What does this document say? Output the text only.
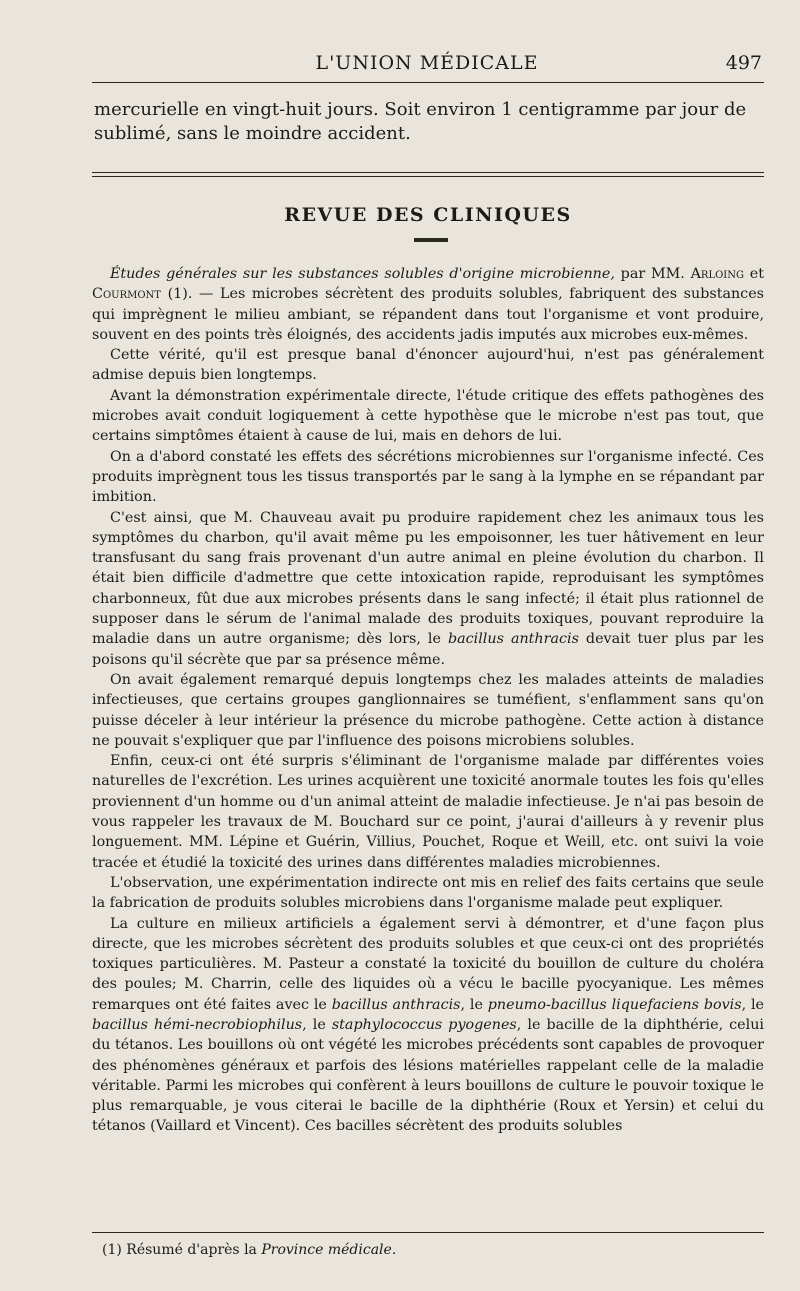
L'UNION MÉDICALE	497
mercurielle en vingt-huit jours. Soit environ 1 centigramme par jour de sublimé, sans le moindre accident.
REVUE DES CLINIQUES

Études générales sur les substances solubles d'origine microbienne, par MM. Arloing et Courmont (1). — Les microbes sécrètent des produits solubles, fabriquent des substances qui imprègnent le milieu ambiant, se répandent dans tout l'organisme et vont produire, souvent en des points très éloignés, des accidents jadis imputés aux microbes eux-mêmes.

Cette vérité, qu'il est presque banal d'énoncer aujourd'hui, n'est pas généralement admise depuis bien longtemps.

Avant la démonstration expérimentale directe, l'étude critique des effets pathogènes des microbes avait conduit logiquement à cette hypothèse que le microbe n'est pas tout, que certains simptômes étaient à cause de lui, mais en dehors de lui.

On a d'abord constaté les effets des sécrétions microbiennes sur l'organisme infecté. Ces produits imprègnent tous les tissus transportés par le sang à la lymphe en se répandant par imbition.

C'est ainsi, que M. Chauveau avait pu produire rapidement chez les animaux tous les symptômes du charbon, qu'il avait même pu les empoisonner, les tuer hâtivement en leur transfusant du sang frais provenant d'un autre animal en pleine évolution du charbon. Il était bien difficile d'admettre que cette intoxication rapide, reproduisant les symptômes charbonneux, fût due aux microbes présents dans le sang infecté; il était plus rationnel de supposer dans le sérum de l'animal malade des produits toxiques, pouvant reproduire la maladie dans un autre organisme; dès lors, le bacillus anthracis devait tuer plus par les poisons qu'il sécrète que par sa présence même.

On avait également remarqué depuis longtemps chez les malades atteints de maladies infectieuses, que certains groupes ganglionnaires se tuméfient, s'enflamment sans qu'on puisse déceler à leur intérieur la présence du microbe pathogène. Cette action à distance ne pouvait s'expliquer que par l'influence des poisons microbiens solubles.

Enfin, ceux-ci ont été surpris s'éliminant de l'organisme malade par différentes voies naturelles de l'excrétion. Les urines acquièrent une toxicité anormale toutes les fois qu'elles proviennent d'un homme ou d'un animal atteint de maladie infectieuse. Je n'ai pas besoin de vous rappeler les travaux de M. Bouchard sur ce point, j'aurai d'ailleurs à y revenir plus longuement. MM. Lépine et Guérin, Villius, Pouchet, Roque et Weill, etc. ont suivi la voie tracée et étudié la toxicité des urines dans différentes maladies microbiennes.

L'observation, une expérimentation indirecte ont mis en relief des faits certains que seule la fabrication de produits solubles microbiens dans l'organisme malade peut expliquer.

La culture en milieux artificiels a également servi à démontrer, et d'une façon plus directe, que les microbes sécrètent des produits solubles et que ceux-ci ont des propriétés toxiques particulières. M. Pasteur a constaté la toxicité du bouillon de culture du choléra des poules; M. Charrin, celle des liquides où a vécu le bacille pyocyanique. Les mêmes remarques ont été faites avec le bacillus anthracis, le pneumo-bacillus liquefaciens bovis, le bacillus hémi-necrobiophilus, le staphylococcus pyogenes, le bacille de la diphthérie, celui du tétanos. Les bouillons où ont végété les microbes précédents sont capables de provoquer des phénomènes généraux et parfois des lésions matérielles rappelant celle de la maladie véritable. Parmi les microbes qui confèrent à leurs bouillons de culture le pouvoir toxique le plus remarquable, je vous citerai le bacille de la diphthérie (Roux et Yersin) et celui du tétanos (Vaillard et Vincent). Ces bacilles sécrètent des produits solubles

(1) Résumé d'après la Province médicale.
